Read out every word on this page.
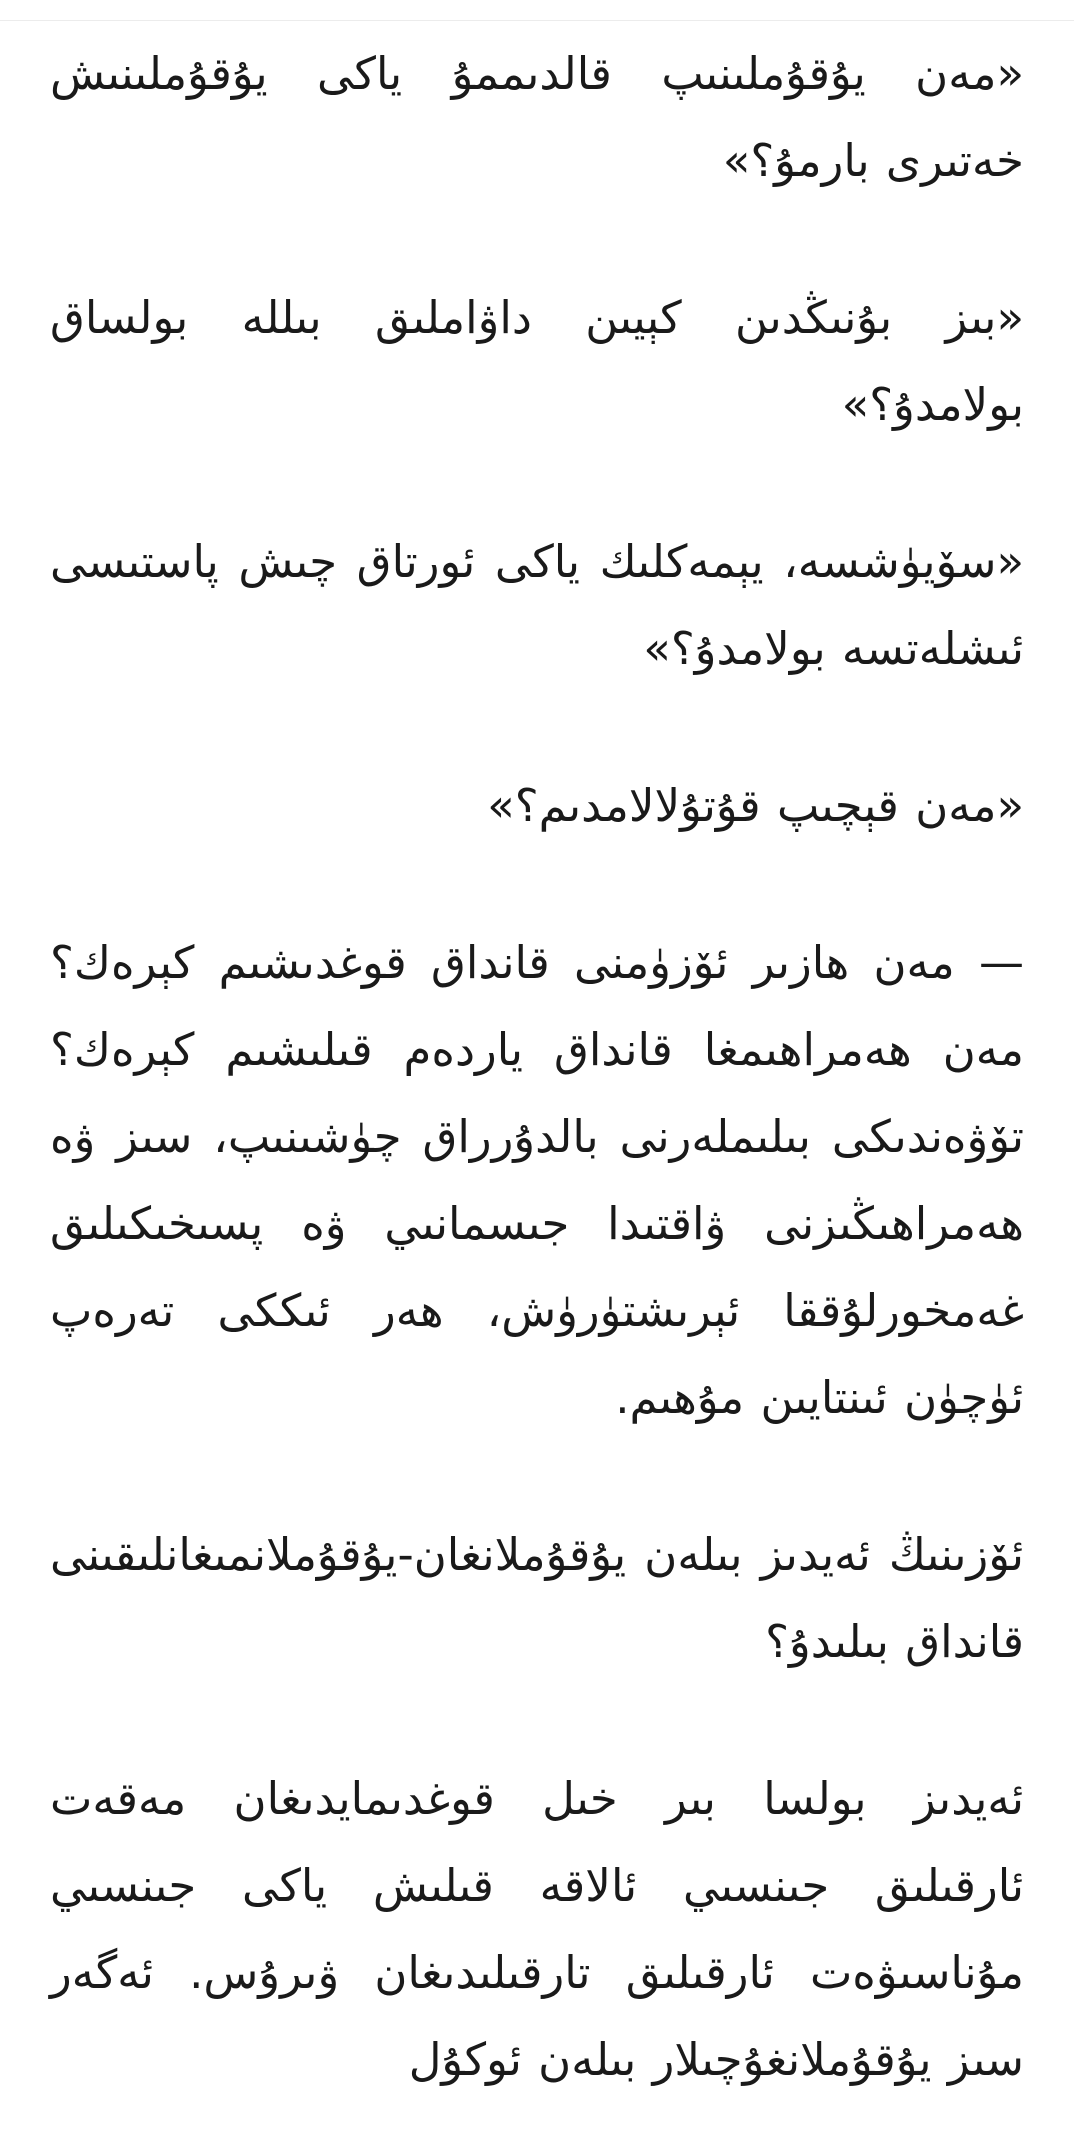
«مەن يۇقۇملىنىپ قالدىممۇ ياكى يۇقۇملىنىش خەتىرى بارمۇ؟»

«بىز بۇنىڭدىن كېيىن داۋاملىق بىللە بولساق بولامدۇ؟»

«سۆيۈشسە، يېمەكلىك ياكى ئورتاق چىش پاستىسى ئىشلەتسە بولامدۇ؟»

«مەن قېچىپ قۇتۇلالامدىم؟»

— مەن ھازىر ئۆزۈمنى قانداق قوغدىشىم كېرەك؟ مەن ھەمراھىمغا قانداق ياردەم قىلىشىم كېرەك؟ تۆۋەندىكى بىلىملەرنى بالدۇرراق چۈشىنىپ، سىز ۋە ھەمراھىڭىزنى ۋاقتىدا جىسمانىي ۋە پسىخىكىلىق غەمخورلۇققا ئېرىشتۈرۈش، ھەر ئىككى تەرەپ ئۈچۈن ئىنتايىن مۇھىم.

ئۆزىنىڭ ئەيدىز بىلەن يۇقۇملانغان-يۇقۇملانمىغانلىقىنى قانداق بىلىدۇ؟

ئەيدىز بولسا بىر خىل قوغدىمايدىغان مەقەت ئارقىلىق جىنسىي ئالاقە قىلىش ياكى جىنسىي مۇناسىۋەت ئارقىلىق تارقىلىدىغان ۋىرۇس. ئەگەر سىز يۇقۇملانغۇچىلار بىلەن ئوكۇل
